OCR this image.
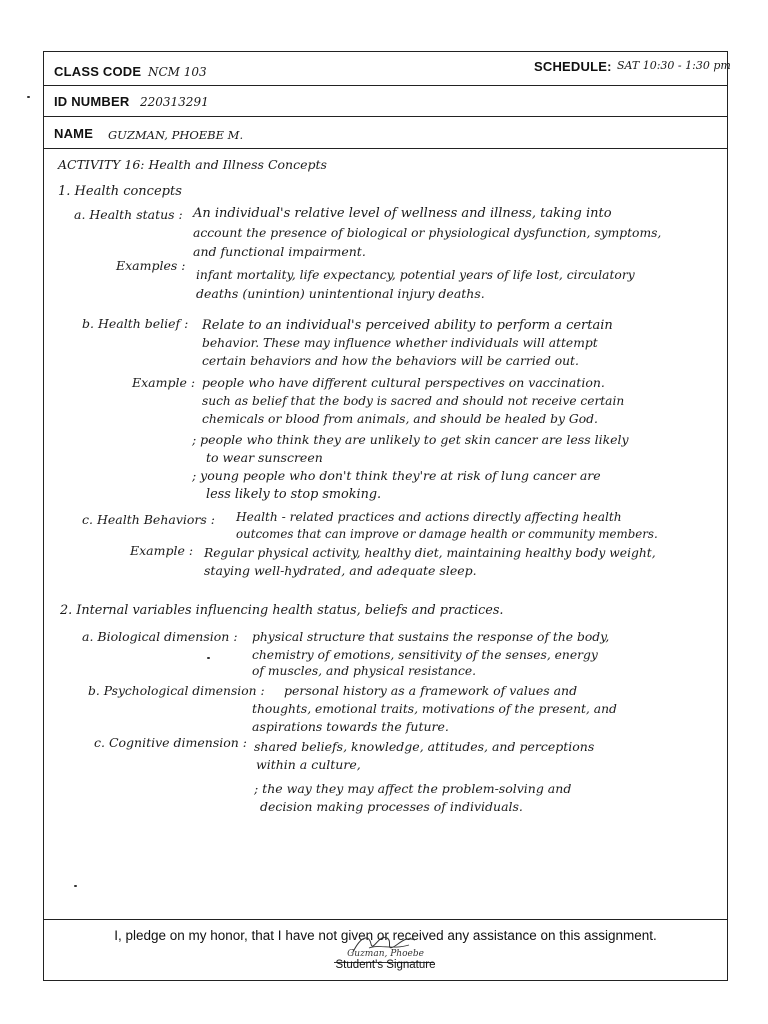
CLASS CODE NCM 103	SCHEDULE: SAT 10:30 - 1:30 pm
ID NUMBER 220313291
NAME GUZMAN, PHOEBE M.
ACTIVITY 16: Health and Illness Concepts
1. Health concepts
a. Health status : An individual's relative level of wellness and illness, taking into
account the presence of biological or physiological dysfunction, symptoms,
and functional impairment.
Examples :
infant mortality, life expectancy, potential years of life lost, circulatory
deaths (unintion) unintentional injury deaths.
b. Health belief : Relate to an individual's perceived ability to perform a certain
behavior. These may influence whether individuals will attempt
certain behaviors and how the behaviors will be carried out.
Example : people who have different cultural perspectives on vaccination.
such as belief that the body is sacred and should not receive certain
chemicals or blood from animals, and should be healed by God.
; people who think they are unlikely to get skin cancer are less likely
to wear sunscreen
; young people who don't think they're at risk of lung cancer are
less likely to stop smoking.
c. Health Behaviors : Health - related practices and actions directly affecting health
outcomes that can improve or damage health or community members.
Example : Regular physical activity, healthy diet, maintaining healthy body weight,
staying well-hydrated, and adequate sleep.
2. Internal variables influencing health status, beliefs and practices.
a. Biological dimension : physical structure that sustains the response of the body,
chemistry of emotions, sensitivity of the senses, energy
of muscles, and physical resistance.
b. Psychological dimension : personal history as a framework of values and
thoughts, emotional traits, motivations of the present, and
aspirations towards the future.
c. Cognitive dimension : shared beliefs, knowledge, attitudes, and perceptions
within a culture,
; the way they may affect the problem-solving and
decision making processes of individuals.
I, pledge on my honor, that I have not given or received any assistance on this assignment.
Guzman, Phoebe
Student's Signature
